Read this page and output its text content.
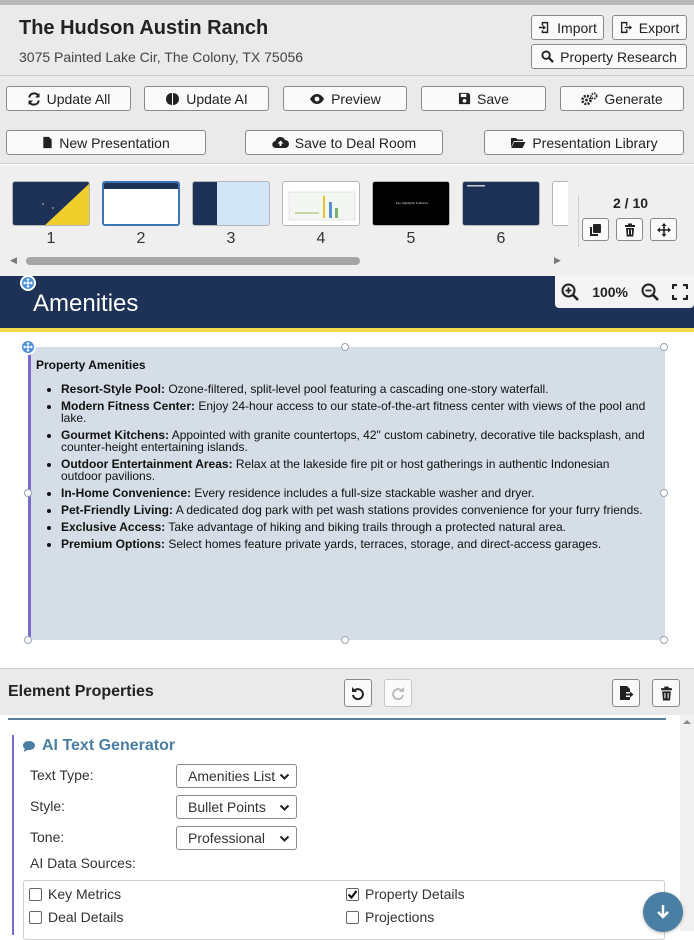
The Hudson Austin Ranch
3075 Painted Lake Cir, The Colony, TX 75056
Import	Export
Property Research
Update All	Update AI	Preview	Save	Generate
New Presentation	Save to Deal Room	Presentation Library
1	2	3	4
Key Highlights & Metrics
5	6
◀	▶
2 / 10
Amenities	100%
Property Amenities
• Resort-Style Pool: Ozone-filtered, split-level pool featuring a cascading one-story waterfall.
• Modern Fitness Center: Enjoy 24-hour access to our state-of-the-art fitness center with views of the pool and lake.
• Gourmet Kitchens: Appointed with granite countertops, 42" custom cabinetry, decorative tile backsplash, and counter-height entertaining islands.
• Outdoor Entertainment Areas: Relax at the lakeside fire pit or host gatherings in authentic Indonesian outdoor pavilions.
• In-Home Convenience: Every residence includes a full-size stackable washer and dryer.
• Pet-Friendly Living: A dedicated dog park with pet wash stations provides convenience for your furry friends.
• Exclusive Access: Take advantage of hiking and biking trails through a protected natural area.
• Premium Options: Select homes feature private yards, terraces, storage, and direct-access garages.
Element Properties
AI Text Generator
Text Type:	Amenities List
Style:	Bullet Points
Tone:	Professional
AI Data Sources:
Key Metrics	Property Details
Deal Details	Projections
